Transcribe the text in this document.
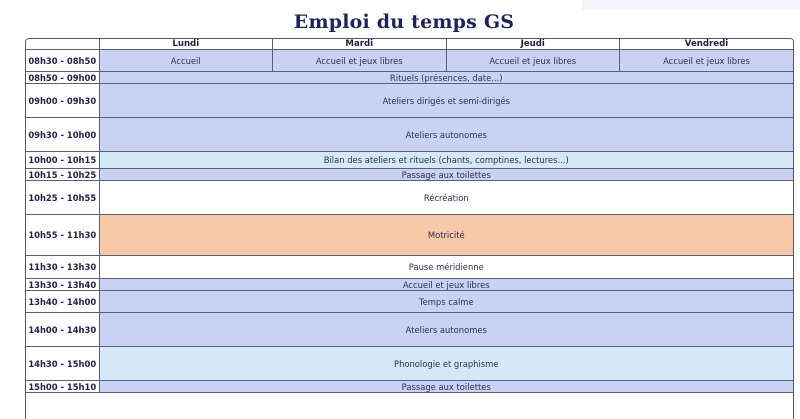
Emploi du temps GS
	Lundi	Mardi	Jeudi	Vendredi
08h30 - 08h50	Accueil	Accueil et jeux libres	Accueil et jeux libres	Accueil et jeux libres
08h50 - 09h00	Rituels (présences, date...)			
09h00 - 09h30	Ateliers dirigés et semi-dirigés			
09h30 - 10h00	Ateliers autonomes			
10h00 - 10h15	Bilan des ateliers et rituels (chants, comptines, lectures...)			
10h15 - 10h25	Passage aux toilettes			
10h25 - 10h55	Récréation			
10h55 - 11h30	Motricité			
11h30 - 13h30	Pause méridienne			
13h30 - 13h40	Accueil et jeux libres			
13h40 - 14h00	Temps calme			
14h00 - 14h30	Ateliers autonomes			
14h30 - 15h00	Phonologie et graphisme			
15h00 - 15h10	Passage aux toilettes			
